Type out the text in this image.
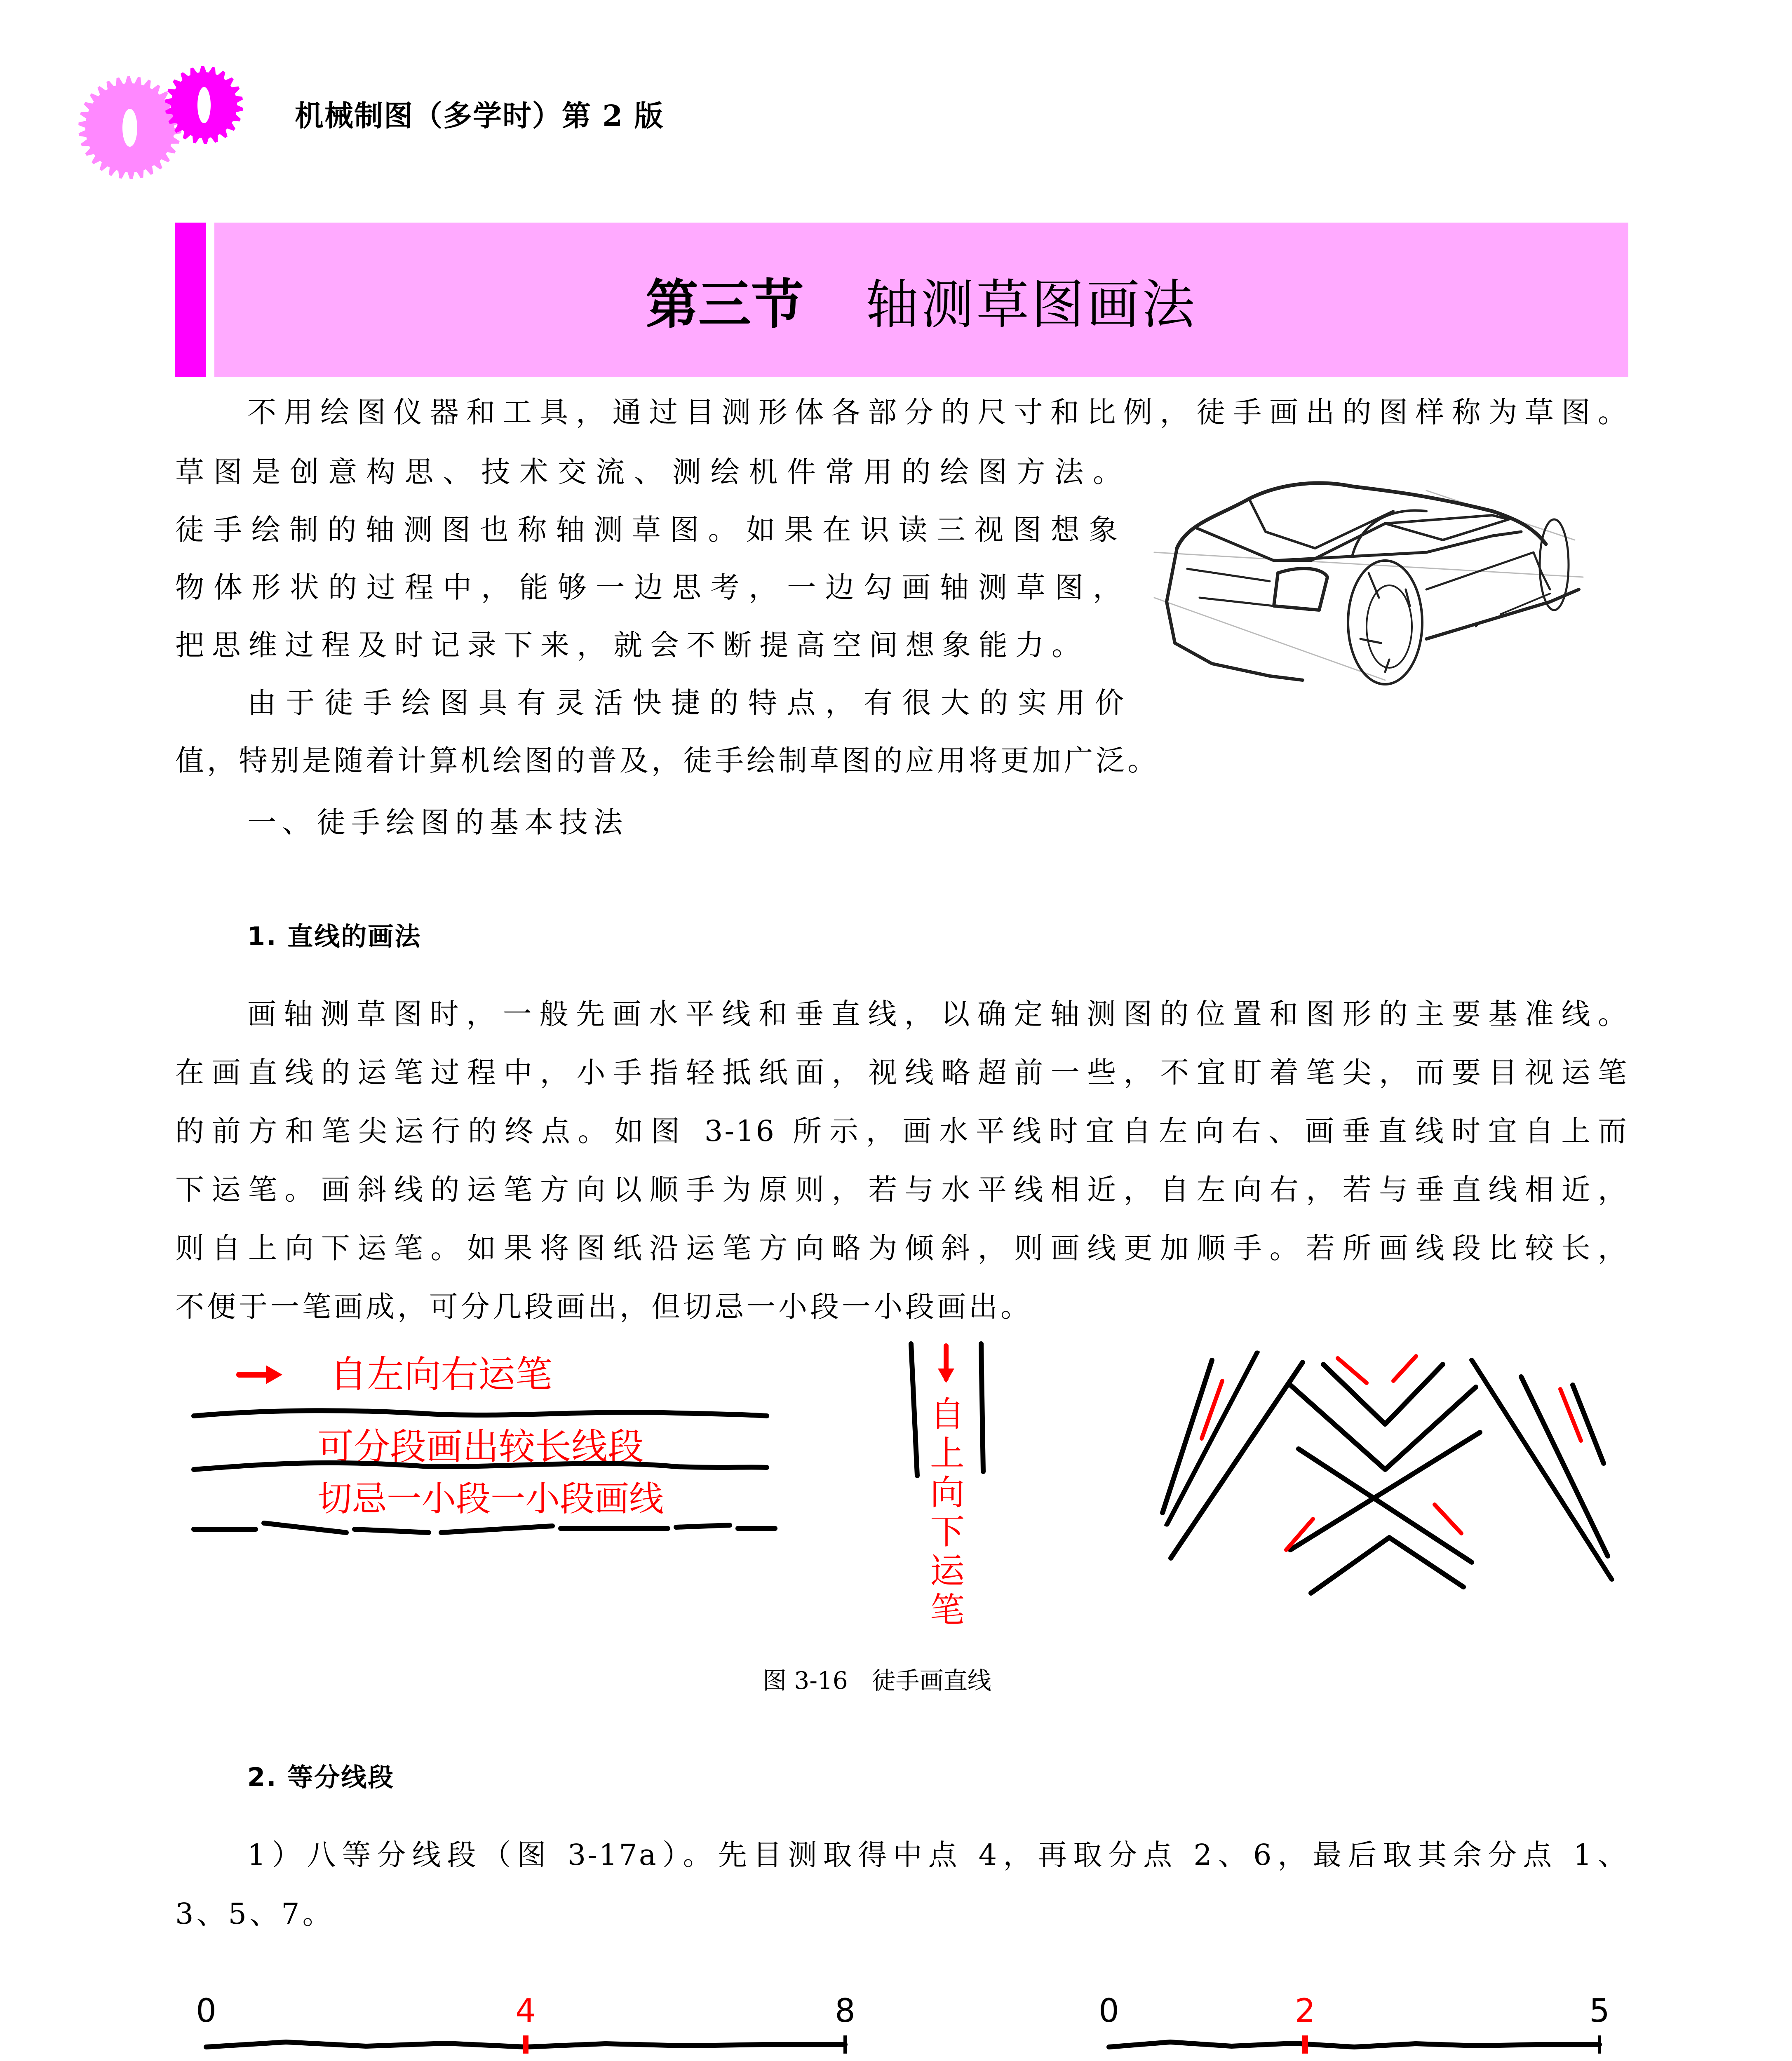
机械制图（多学时）第 2 版
第三节 轴测草图画法
不用绘图仪器和工具，通过目测形体各部分的尺寸和比例，徒手画出的图样称为草图。
草图是创意构思、技术交流、测绘机件常用的绘图方法。
徒手绘制的轴测图也称轴测草图。如果在识读三视图想象
物体形状的过程中，能够一边思考，一边勾画轴测草图，
把思维过程及时记录下来，就会不断提高空间想象能力。
由于徒手绘图具有灵活快捷的特点，有很大的实用价
值，特别是随着计算机绘图的普及，徒手绘制草图的应用将更加广泛。
一、徒手绘图的基本技法
1. 直线的画法
画轴测草图时，一般先画水平线和垂直线，以确定轴测图的位置和图形的主要基准线。
在画直线的运笔过程中，小手指轻抵纸面，视线略超前一些，不宜盯着笔尖，而要目视运笔
的前方和笔尖运行的终点。如图 3-16 所示，画水平线时宜自左向右、画垂直线时宜自上而
下运笔。画斜线的运笔方向以顺手为原则，若与水平线相近，自左向右，若与垂直线相近，
则自上向下运笔。如果将图纸沿运笔方向略为倾斜，则画线更加顺手。若所画线段比较长，
不便于一笔画成，可分几段画出，但切忌一小段一小段画出。
自左向右运笔
可分段画出较长线段
切忌一小段一小段画线
自
上
向
下
运
笔
图 3-16　徒手画直线
2. 等分线段
1）八等分线段（图 3-17a）。先目测取得中点 4，再取分点 2、6，最后取其余分点 1、
3、5、7。
0	4	8	0	2	5
